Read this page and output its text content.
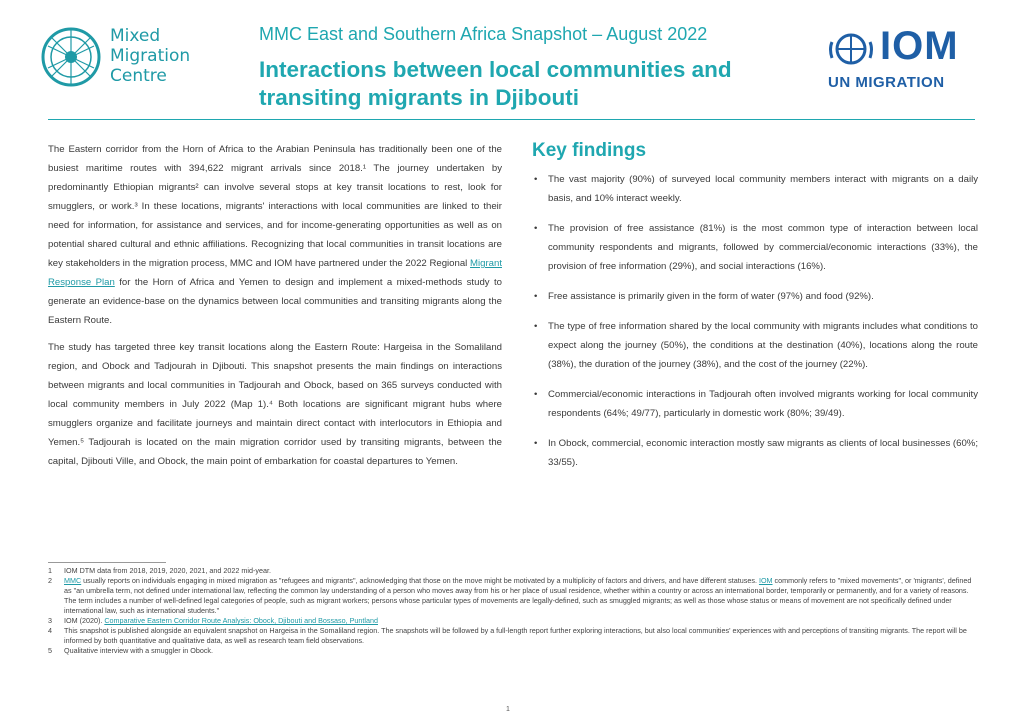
Mixed
Migration
Centre
MMC East and Southern Africa Snapshot – August 2022
Interactions between local communities and transiting migrants in Djibouti
IOM
UN MIGRATION

The Eastern corridor from the Horn of Africa to the Arabian Peninsula has traditionally been one of the busiest maritime routes with 394,622 migrant arrivals since 2018.¹ The journey undertaken by predominantly Ethiopian migrants² can involve several stops at key transit locations to rest, look for smugglers, or work.³ In these locations, migrants' interactions with local communities are linked to their need for information, for assistance and services, and for income-generating opportunities as well as on potential shared cultural and ethnic affiliations. Recognizing that local communities in transit locations are key stakeholders in the migration process, MMC and IOM have partnered under the 2022 Regional Migrant Response Plan for the Horn of Africa and Yemen to design and implement a mixed-methods study to generate an evidence-base on the dynamics between local communities and transiting migrants along the Eastern Route.

The study has targeted three key transit locations along the Eastern Route: Hargeisa in the Somaliland region, and Obock and Tadjourah in Djibouti. This snapshot presents the main findings on interactions between migrants and local communities in Tadjourah and Obock, based on 365 surveys conducted with local community members in July 2022 (Map 1).⁴ Both locations are significant migrant hubs where smugglers organize and facilitate journeys and maintain direct contact with interlocutors in Ethiopia and Yemen.⁵ Tadjourah is located on the main migration corridor used by transiting migrants, between the capital, Djibouti Ville, and Obock, the main point of embarkation for coastal departures to Yemen.

Key findings
• The vast majority (90%) of surveyed local community members interact with migrants on a daily basis, and 10% interact weekly.
• The provision of free assistance (81%) is the most common type of interaction between local community respondents and migrants, followed by commercial/economic interactions (33%), the provision of free information (29%), and social interactions (16%).
• Free assistance is primarily given in the form of water (97%) and food (92%).
• The type of free information shared by the local community with migrants includes what conditions to expect along the journey (50%), the conditions at the destination (40%), locations along the route (38%), the duration of the journey (38%), and the cost of the journey (22%).
• Commercial/economic interactions in Tadjourah often involved migrants working for local community respondents (64%; 49/77), particularly in domestic work (80%; 39/49).
• In Obock, commercial, economic interaction mostly saw migrants as clients of local businesses (60%; 33/55).
1 IOM DTM data from 2018, 2019, 2020, 2021, and 2022 mid-year.
2 MMC usually reports on individuals engaging in mixed migration as "refugees and migrants", acknowledging that those on the move might be motivated by a multiplicity of factors and drivers, and have different statuses. IOM commonly refers to "mixed movements", or 'migrants', defined as "an umbrella term, not defined under international law, reflecting the common lay understanding of a person who moves away from his or her place of usual residence, whether within a country or across an international border, temporarily or permanently, and for a variety of reasons. The term includes a number of well-defined legal categories of people, such as migrant workers; persons whose particular types of movements are legally-defined, such as smuggled migrants; as well as those whose status or means of movement are not specifically defined under international law, such as international students."
3 IOM (2020). Comparative Eastern Corridor Route Analysis: Obock, Djibouti and Bossaso, Puntland
4 This snapshot is published alongside an equivalent snapshot on Hargeisa in the Somaliland region. The snapshots will be followed by a full-length report further exploring interactions, but also local communities' experiences with and perceptions of transiting migrants. The report will be informed by both quantitative and qualitative data, as well as research team field observations.
5 Qualitative interview with a smuggler in Obock.
1
